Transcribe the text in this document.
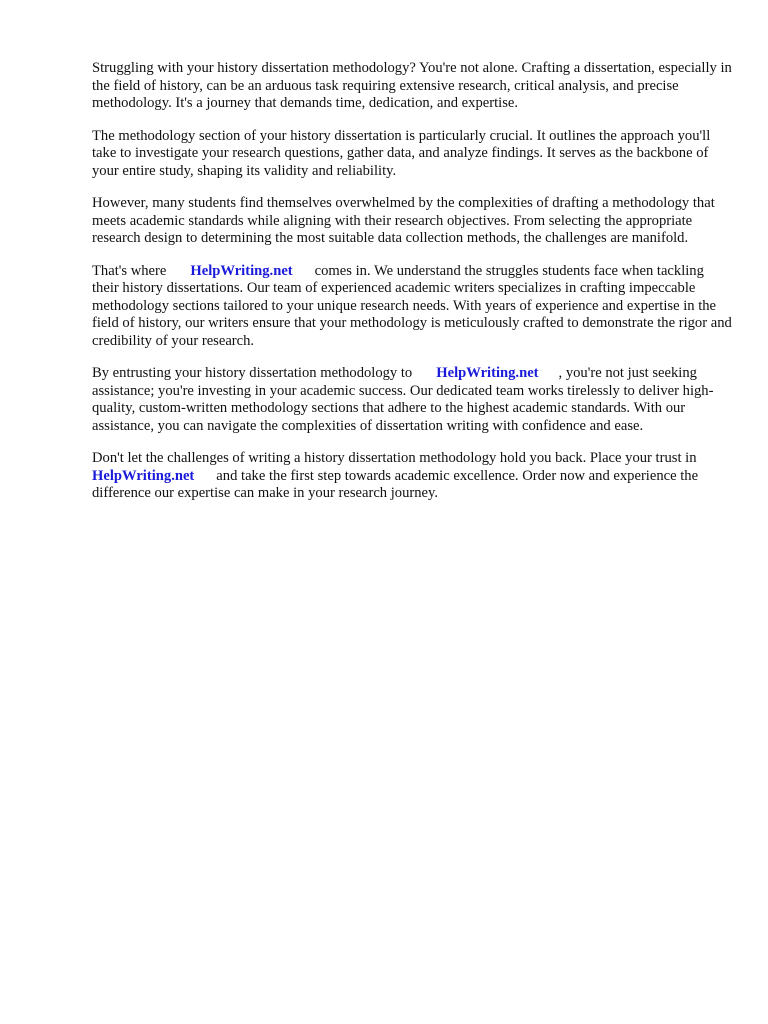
Struggling with your history dissertation methodology? You're not alone. Crafting a dissertation, especially in the field of history, can be an arduous task requiring extensive research, critical analysis, and precise methodology. It's a journey that demands time, dedication, and expertise.

The methodology section of your history dissertation is particularly crucial. It outlines the approach you'll take to investigate your research questions, gather data, and analyze findings. It serves as the backbone of your entire study, shaping its validity and reliability.

However, many students find themselves overwhelmed by the complexities of drafting a methodology that meets academic standards while aligning with their research objectives. From selecting the appropriate research design to determining the most suitable data collection methods, the challenges are manifold.

That's where HelpWriting.net comes in. We understand the struggles students face when tackling their history dissertations. Our team of experienced academic writers specializes in crafting impeccable methodology sections tailored to your unique research needs. With years of experience and expertise in the field of history, our writers ensure that your methodology is meticulously crafted to demonstrate the rigor and credibility of your research.

By entrusting your history dissertation methodology to HelpWriting.net , you're not just seeking assistance; you're investing in your academic success. Our dedicated team works tirelessly to deliver high-quality, custom-written methodology sections that adhere to the highest academic standards. With our assistance, you can navigate the complexities of dissertation writing with confidence and ease.

Don't let the challenges of writing a history dissertation methodology hold you back. Place your trust inHelpWriting.net and take the first step towards academic excellence. Order now and experience the difference our expertise can make in your research journey.
